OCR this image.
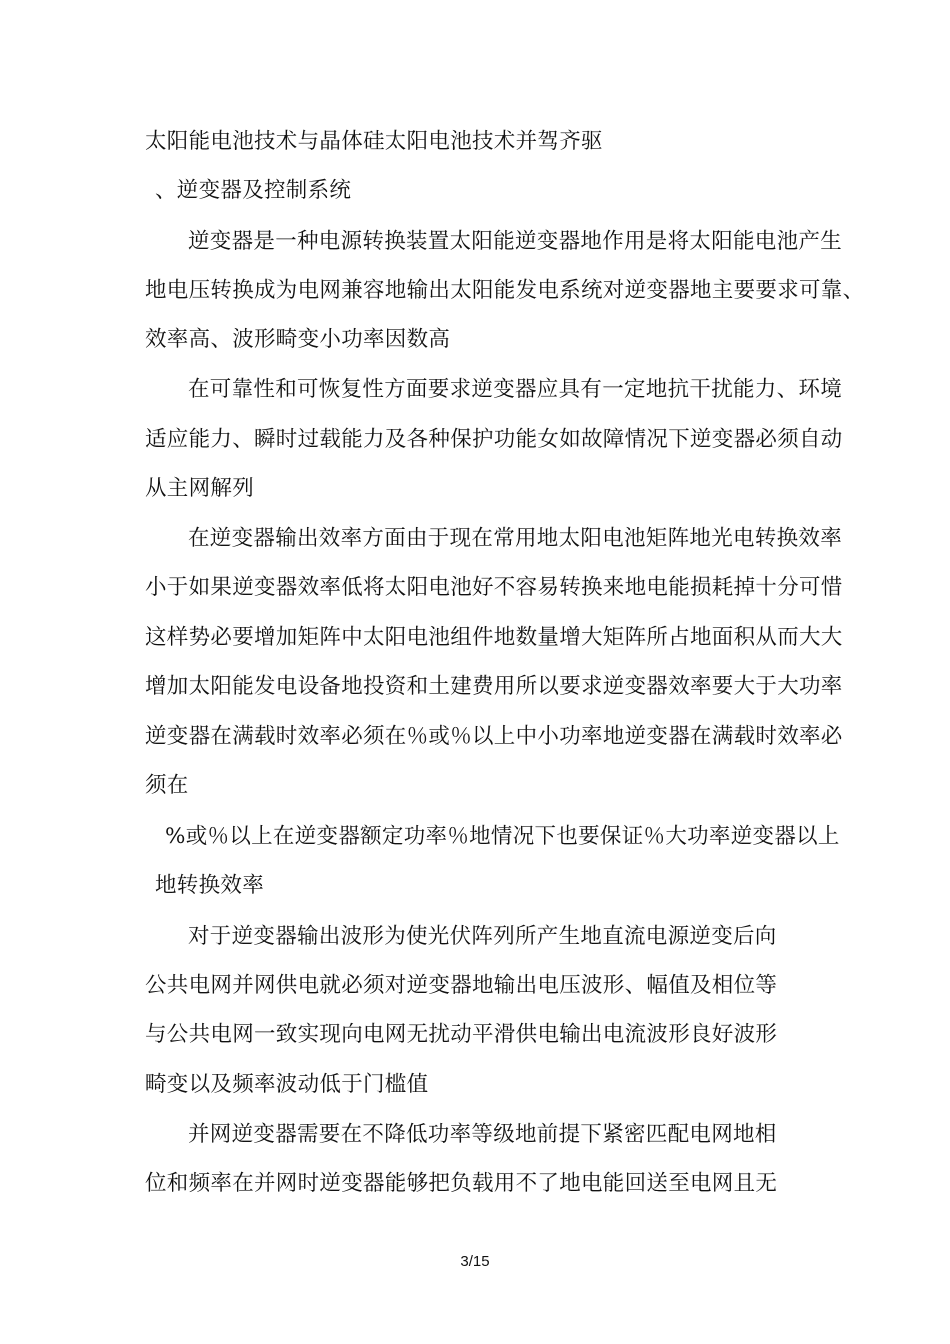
太阳能电池技术与晶体硅太阳电池技术并驾齐驱
、逆变器及控制系统
逆变器是一种电源转换装置太阳能逆变器地作用是将太阳能电池产生
地电压转换成为电网兼容地输出太阳能发电系统对逆变器地主要要求可靠、
效率高、波形畸变小功率因数高
在可靠性和可恢复性方面要求逆变器应具有一定地抗干扰能力、环境
适应能力、瞬时过载能力及各种保护功能女如故障情况下逆变器必须自动
从主网解列
在逆变器输出效率方面由于现在常用地太阳电池矩阵地光电转换效率
小于如果逆变器效率低将太阳电池好不容易转换来地电能损耗掉十分可惜
这样势必要增加矩阵中太阳电池组件地数量增大矩阵所占地面积从而大大
增加太阳能发电设备地投资和土建费用所以要求逆变器效率要大于大功率
逆变器在满载时效率必须在％或％以上中小功率地逆变器在满载时效率必
须在
%或％以上在逆变器额定功率％地情况下也要保证％大功率逆变器以上
地转换效率
对于逆变器输出波形为使光伏阵列所产生地直流电源逆变后向
公共电网并网供电就必须对逆变器地输出电压波形、幅值及相位等
与公共电网一致实现向电网无扰动平滑供电输出电流波形良好波形
畸变以及频率波动低于门槛值
并网逆变器需要在不降低功率等级地前提下紧密匹配电网地相
位和频率在并网时逆变器能够把负载用不了地电能回送至电网且无
3/15
